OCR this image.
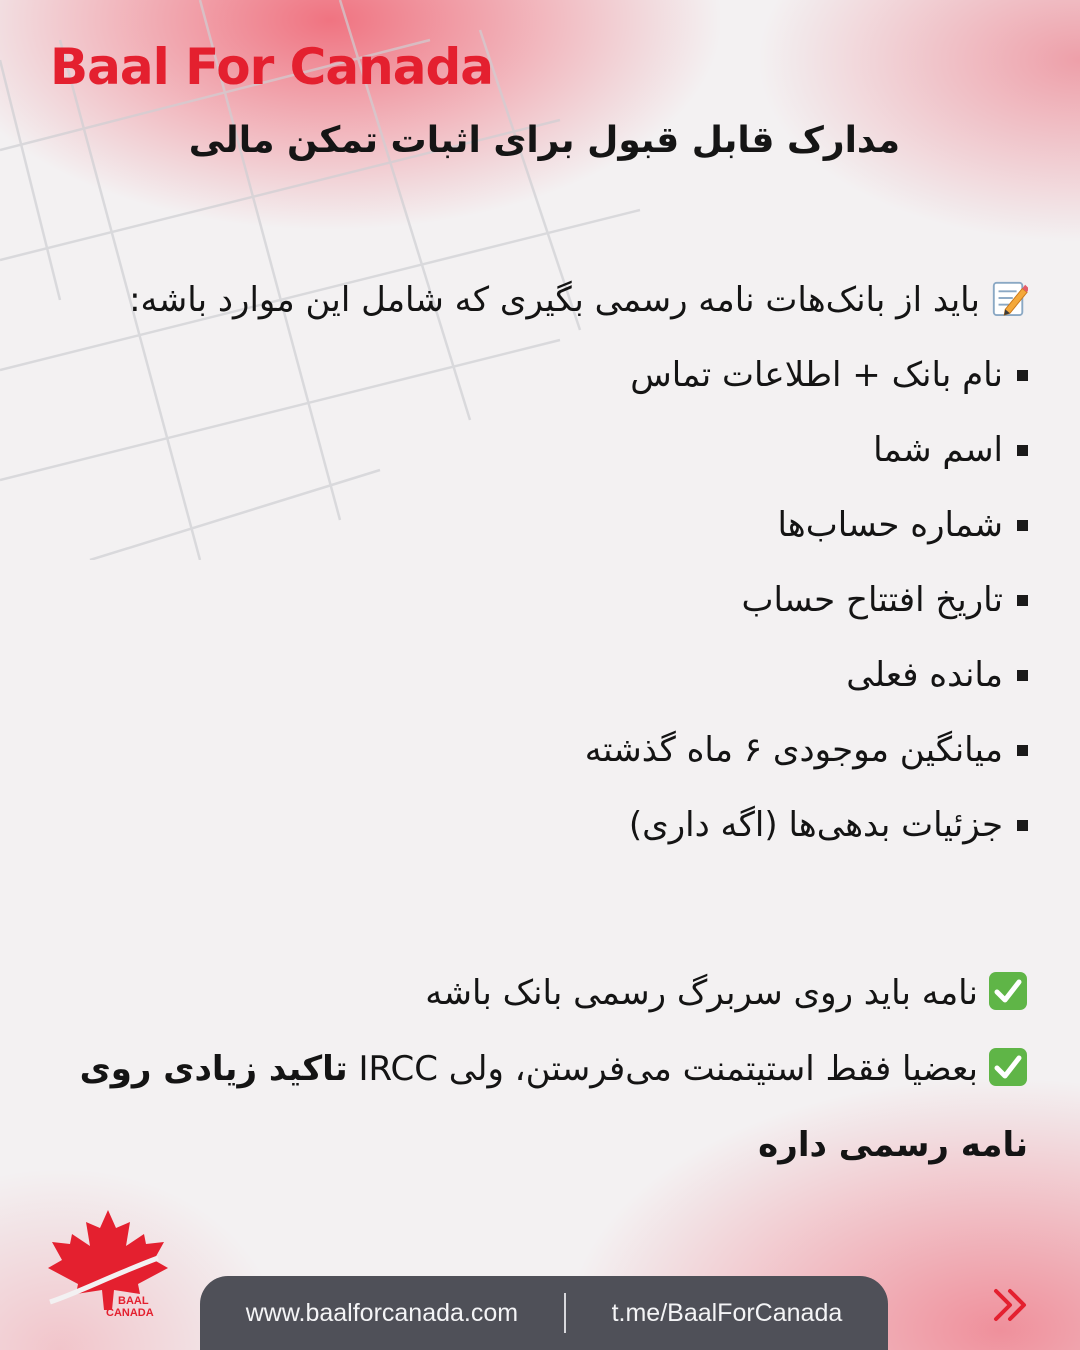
Baal For Canada
مدارک قابل قبول برای اثبات تمکن مالی

باید از بانک‌هات نامه رسمی بگیری که شامل این موارد باشه:

نام بانک + اطلاعات تماس
اسم شما
شماره حساب‌ها
تاریخ افتتاح حساب
مانده فعلی
میانگین موجودی ۶ ماه گذشته
جزئیات بدهی‌ها (اگه داری)

نامه باید روی سربرگ رسمی بانک باشه

بعضیا فقط استیتمنت می‌فرستن، ولی IRCC تاکید زیادی روی نامه رسمی داره

BAAL
CANADA	www.baalforcanada.com	t.me/BaalForCanada
